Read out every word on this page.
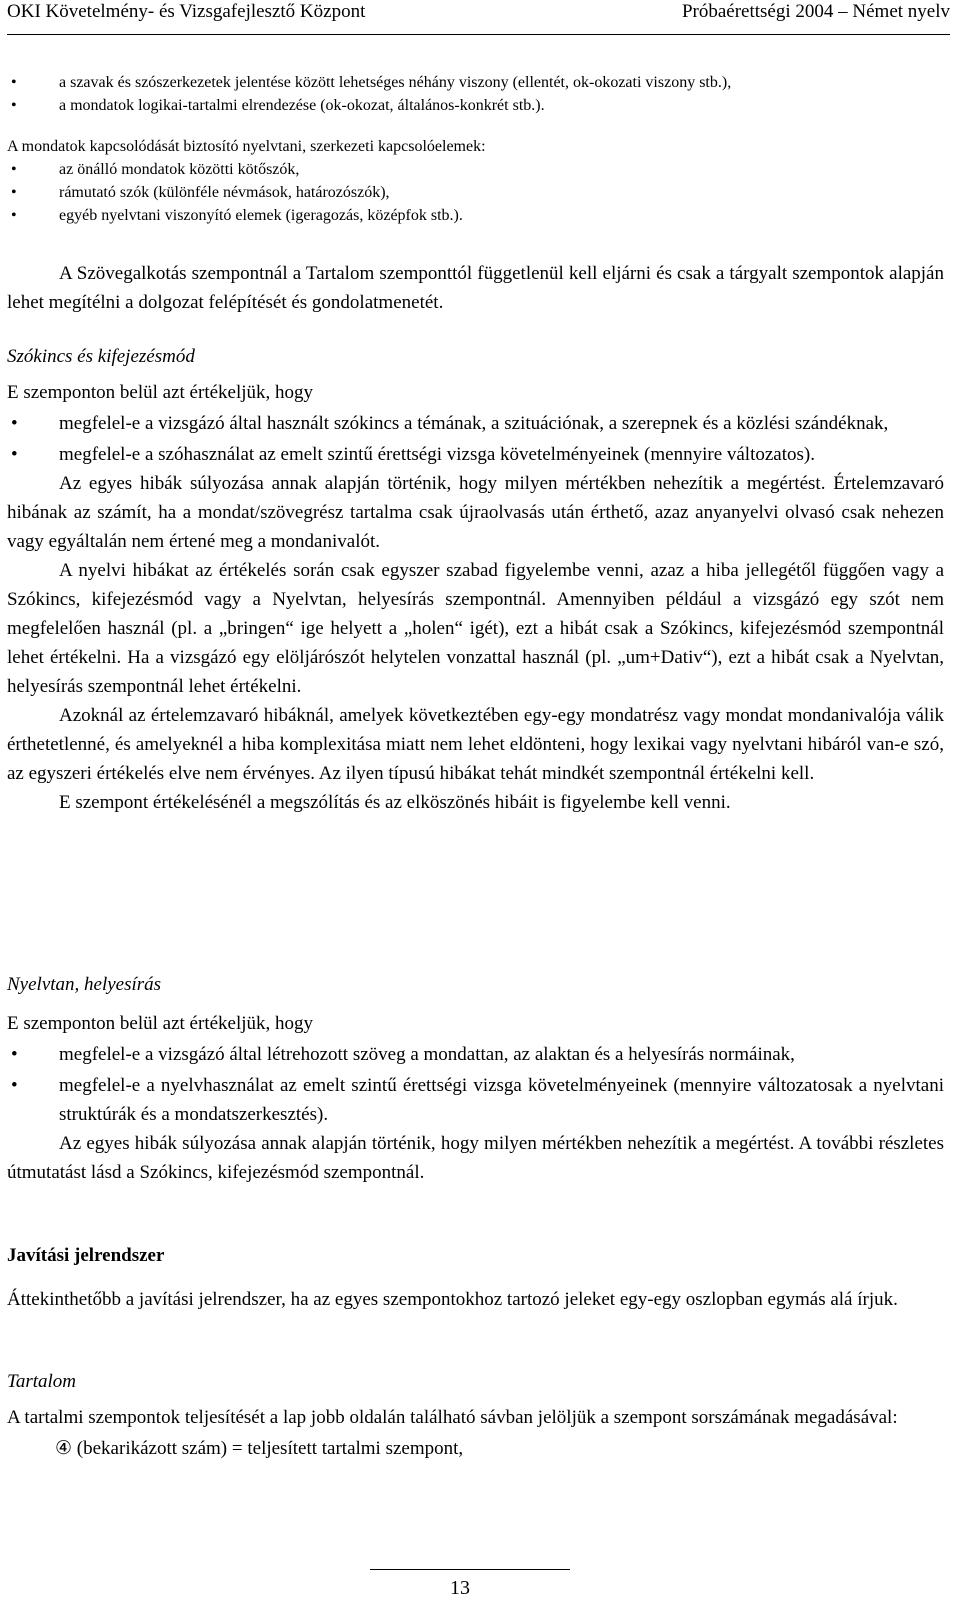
OKI Követelmény- és Vizsgafejlesztő Központ	Próbaérettségi 2004 – Német nyelv
•	a szavak és szószerkezetek jelentése között lehetséges néhány viszony (ellentét, ok-okozati viszony stb.),
•	a mondatok logikai-tartalmi elrendezése (ok-okozat, általános-konkrét stb.).
A mondatok kapcsolódását biztosító nyelvtani, szerkezeti kapcsolóelemek:
•	az önálló mondatok közötti kötőszók,
•	rámutató szók (különféle névmások, határozószók),
•	egyéb nyelvtani viszonyító elemek (igeragozás, középfok stb.).
A Szövegalkotás szempontnál a Tartalom szemponttól függetlenül kell eljárni és csak a tárgyalt szempontok alapján lehet megítélni a dolgozat felépítését és gondolatmenetét.
Szókincs és kifejezésmód
E szemponton belül azt értékeljük, hogy
• megfelel-e a vizsgázó által használt szókincs a témának, a szituációnak, a szerepnek és a közlési szándéknak,
• megfelel-e a szóhasználat az emelt szintű érettségi vizsga követelményeinek (mennyire változatos).
Az egyes hibák súlyozása annak alapján történik, hogy milyen mértékben nehezítik a megértést. Értelemzavaró hibának az számít, ha a mondat/szövegrész tartalma csak újraolvasás után érthető, azaz anyanyelvi olvasó csak nehezen vagy egyáltalán nem értené meg a mondanivalót.
A nyelvi hibákat az értékelés során csak egyszer szabad figyelembe venni, azaz a hiba jellegétől függően vagy a Szókincs, kifejezésmód vagy a Nyelvtan, helyesírás szempontnál. Amennyiben például a vizsgázó egy szót nem megfelelően használ (pl. a „bringen“ ige helyett a „holen“ igét), ezt a hibát csak a Szókincs, kifejezésmód szempontnál lehet értékelni. Ha a vizsgázó egy elöljárószót helytelen vonzattal használ (pl. „um+Dativ“), ezt a hibát csak a Nyelvtan, helyesírás szempontnál lehet értékelni.
Azoknál az értelemzavaró hibáknál, amelyek következtében egy-egy mondatrész vagy mondat mondanivalója válik érthetetlenné, és amelyeknél a hiba komplexitása miatt nem lehet eldönteni, hogy lexikai vagy nyelvtani hibáról van-e szó, az egyszeri értékelés elve nem érvényes. Az ilyen típusú hibákat tehát mindkét szempontnál értékelni kell.
E szempont értékelésénél a megszólítás és az elköszönés hibáit is figyelembe kell venni.
Nyelvtan, helyesírás
E szemponton belül azt értékeljük, hogy
• megfelel-e a vizsgázó által létrehozott szöveg a mondattan, az alaktan és a helyesírás normáinak,
• megfelel-e a nyelvhasználat az emelt szintű érettségi vizsga követelményeinek (mennyire változatosak a nyelvtani struktúrák és a mondatszerkesztés).
Az egyes hibák súlyozása annak alapján történik, hogy milyen mértékben nehezítik a megértést. A további részletes útmutatást lásd a Szókincs, kifejezésmód szempontnál.
Javítási jelrendszer
Áttekinthetőbb a javítási jelrendszer, ha az egyes szempontokhoz tartozó jeleket egy-egy oszlopban egymás alá írjuk.
Tartalom
A tartalmi szempontok teljesítését a lap jobb oldalán található sávban jelöljük a szempont sorszámának megadásával:
④ (bekarikázott szám) = teljesített tartalmi szempont,
13
